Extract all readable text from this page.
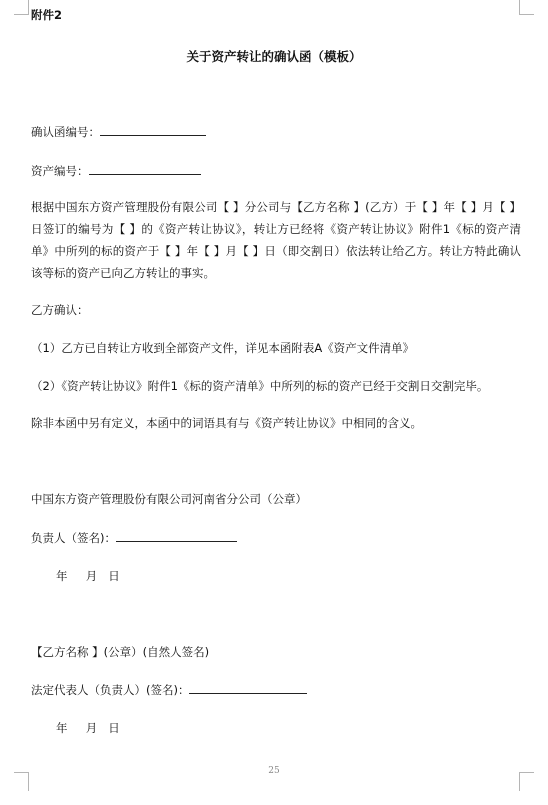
附件2
关于资产转让的确认函（模板）
确认函编号：
资产编号：
根据中国东方资产管理股份有限公司【 】分公司与【乙方名称 】(乙方）于【 】年【 】月【 】日签订的编号为【 】的《资产转让协议》，转让方已经将《资产转让协议》附件1《标的资产清单》中所列的标的资产于【 】年【 】月【 】日（即交割日）依法转让给乙方。转让方特此确认该等标的资产已向乙方转让的事实。
乙方确认：
（1）乙方已自转让方收到全部资产文件，详见本函附表A《资产文件清单》
（2）《资产转让协议》附件1《标的资产清单》中所列的标的资产已经于交割日交割完毕。
除非本函中另有定义，本函中的词语具有与《资产转让协议》中相同的含义。
中国东方资产管理股份有限公司河南省分公司（公章）
负责人（签名)：
年     月   日
【乙方名称 】(公章）(自然人签名)
法定代表人（负责人）(签名)：
年     月   日
25
